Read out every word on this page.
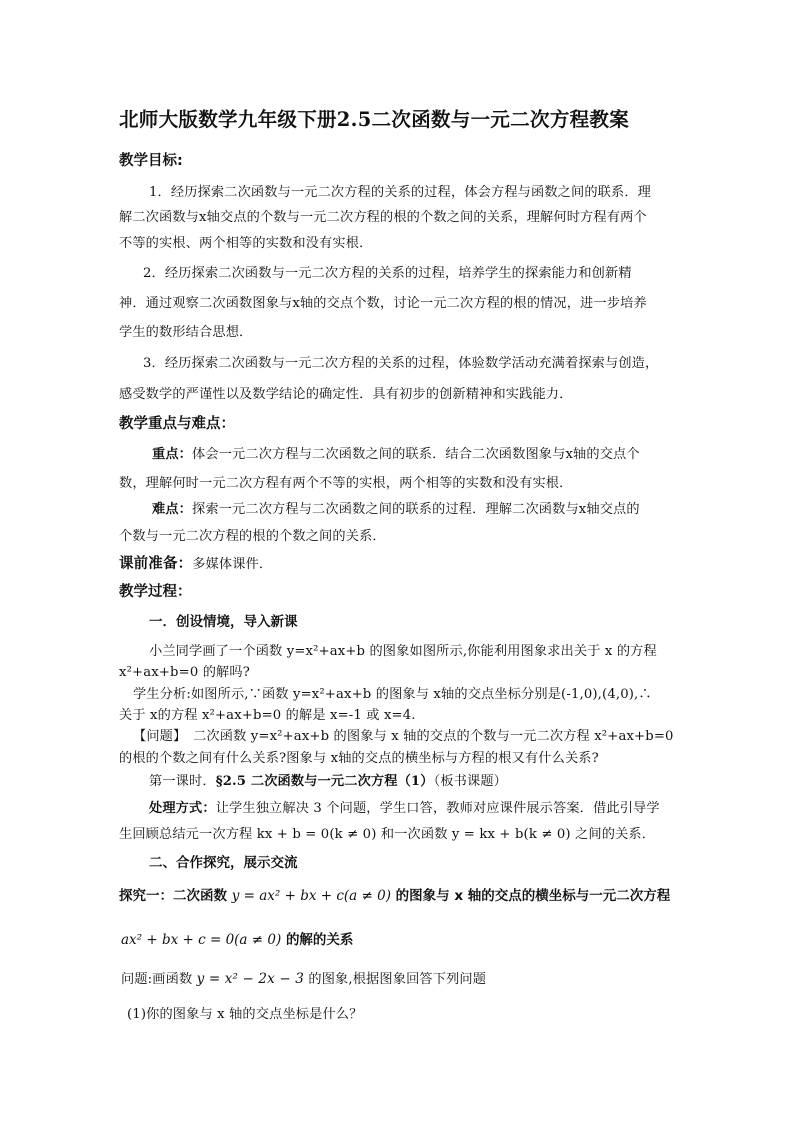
北师大版数学九年级下册2.5二次函数与一元二次方程教案
教学目标:
1．经历探索二次函数与一元二次方程的关系的过程，体会方程与函数之间的联系．理
解二次函数与x轴交点的个数与一元二次方程的根的个数之间的关系，理解何时方程有两个
不等的实根、两个相等的实数和没有实根．
2．经历探索二次函数与一元二次方程的关系的过程，培养学生的探索能力和创新精
神．通过观察二次函数图象与x轴的交点个数，讨论一元二次方程的根的情况，进一步培养
学生的数形结合思想．
3．经历探索二次函数与一元二次方程的关系的过程，体验数学活动充满着探索与创造，
感受数学的严谨性以及数学结论的确定性．具有初步的创新精神和实践能力．
教学重点与难点：
重点：体会一元二次方程与二次函数之间的联系．结合二次函数图象与x轴的交点个
数，理解何时一元二次方程有两个不等的实根，两个相等的实数和没有实根．
难点：探索一元二次方程与二次函数之间的联系的过程．理解二次函数与x轴交点的
个数与一元二次方程的根的个数之间的关系．
课前准备：多媒体课件．
教学过程：
一．创设情境，导入新课
小兰同学画了一个函数 y=x²+ax+b 的图象如图所示,你能利用图象求出关于 x 的方程
x²+ax+b=0 的解吗?
学生分析:如图所示,∵函数 y=x²+ax+b 的图象与 x轴的交点坐标分别是(-1,0),(4,0),∴
关于 x的方程 x²+ax+b=0 的解是 x=-1 或 x=4.
【问题】　二次函数 y=x²+ax+b 的图象与 x 轴的交点的个数与一元二次方程 x²+ax+b=0
的根的个数之间有什么关系?图象与 x轴的交点的横坐标与方程的根又有什么关系?
第一课时．§2.5 二次函数与一元二次方程（1）（板书课题）
处理方式：让学生独立解决 3 个问题，学生口答，教师对应课件展示答案．借此引导学
生回顾总结元一次方程 kx + b = 0(k ≠ 0) 和一次函数 y = kx + b(k ≠ 0) 之间的关系．
二、合作探究，展示交流
探究一：二次函数 y = ax² + bx + c(a ≠ 0) 的图象与 x 轴的交点的横坐标与一元二次方程
ax² + bx + c = 0(a ≠ 0) 的解的关系
问题:画函数 y = x² − 2x − 3 的图象,根据图象回答下列问题
(1)你的图象与 x 轴的交点坐标是什么？
